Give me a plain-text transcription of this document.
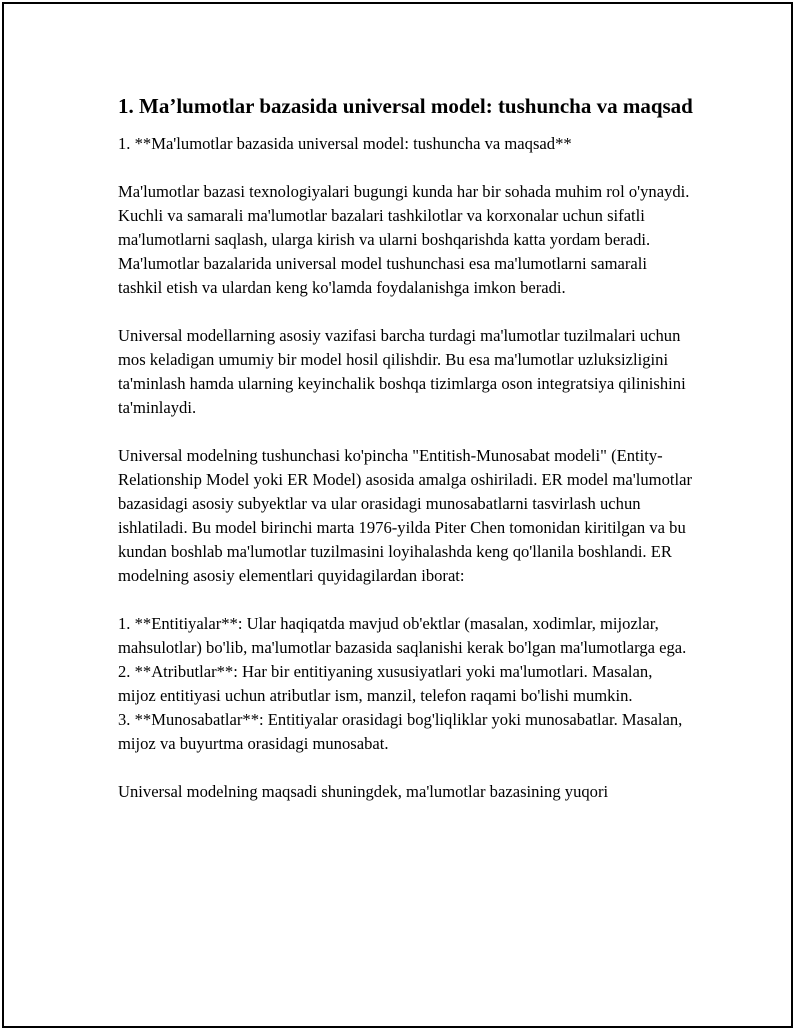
1. Ma’lumotlar bazasida universal model: tushuncha va maqsad

1. **Ma'lumotlar bazasida universal model: tushuncha va maqsad**

Ma'lumotlar bazasi texnologiyalari bugungi kunda har bir sohada muhim rol o'ynaydi. Kuchli va samarali ma'lumotlar bazalari tashkilotlar va korxonalar uchun sifatli ma'lumotlarni saqlash, ularga kirish va ularni boshqarishda katta yordam beradi. Ma'lumotlar bazalarida universal model tushunchasi esa ma'lumotlarni samarali tashkil etish va ulardan keng ko'lamda foydalanishga imkon beradi.

Universal modellarning asosiy vazifasi barcha turdagi ma'lumotlar tuzilmalari uchun mos keladigan umumiy bir model hosil qilishdir. Bu esa ma'lumotlar uzluksizligini ta'minlash hamda ularning keyinchalik boshqa tizimlarga oson integratsiya qilinishini ta'minlaydi.

Universal modelning tushunchasi ko'pincha "Entitish-Munosabat modeli" (Entity-Relationship Model yoki ER Model) asosida amalga oshiriladi. ER model ma'lumotlar bazasidagi asosiy subyektlar va ular orasidagi munosabatlarni tasvirlash uchun ishlatiladi. Bu model birinchi marta 1976-yilda Piter Chen tomonidan kiritilgan va bu kundan boshlab ma'lumotlar tuzilmasini loyihalashda keng qo'llanila boshlandi. ER modelning asosiy elementlari quyidagilardan iborat:

1. **Entitiyalar**: Ular haqiqatda mavjud ob'ektlar (masalan, xodimlar, mijozlar, mahsulotlar) bo'lib, ma'lumotlar bazasida saqlanishi kerak bo'lgan ma'lumotlarga ega.
2. **Atributlar**: Har bir entitiyaning xususiyatlari yoki ma'lumotlari. Masalan, mijoz entitiyasi uchun atributlar ism, manzil, telefon raqami bo'lishi mumkin.
3. **Munosabatlar**: Entitiyalar orasidagi bog'liqliklar yoki munosabatlar. Masalan, mijoz va buyurtma orasidagi munosabat.

Universal modelning maqsadi shuningdek, ma'lumotlar bazasining yuqori
